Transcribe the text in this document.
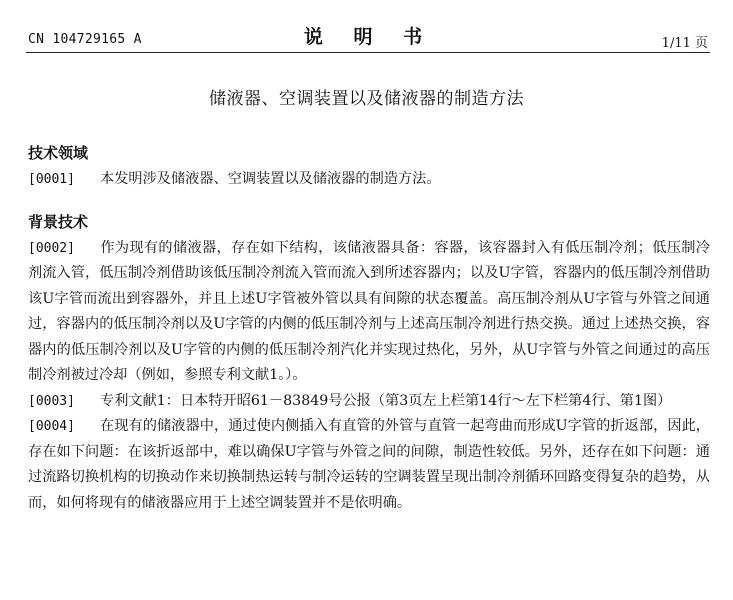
CN 104729165 A	说 明 书	1/11 页
储液器、空调装置以及储液器的制造方法
技术领域

[0001] 本发明涉及储液器、空调装置以及储液器的制造方法。

背景技术

[0002] 作为现有的储液器，存在如下结构，该储液器具备：容器，该容器封入有低压制冷剂；低压制冷剂流入管，低压制冷剂借助该低压制冷剂流入管而流入到所述容器内；以及U字管，容器内的低压制冷剂借助该U字管而流出到容器外，并且上述U字管被外管以具有间隙的状态覆盖。高压制冷剂从U字管与外管之间通过，容器内的低压制冷剂以及U字管的内侧的低压制冷剂与上述高压制冷剂进行热交换。通过上述热交换，容器内的低压制冷剂以及U字管的内侧的低压制冷剂汽化并实现过热化，另外，从U字管与外管之间通过的高压制冷剂被过冷却（例如，参照专利文献1。）。

[0003] 专利文献1：日本特开昭61－83849号公报（第3页左上栏第14行～左下栏第4行、第1图）

[0004] 在现有的储液器中，通过使内侧插入有直管的外管与直管一起弯曲而形成U字管的折返部，因此，存在如下问题：在该折返部中，难以确保U字管与外管之间的间隙，制造性较低。另外，还存在如下问题：通过流路切换机构的切换动作来切换制热运转与制冷运转的空调装置呈现出制冷剂循环回路变得复杂的趋势，从而，如何将现有的储液器应用于上述空调装置并不是依明确。
